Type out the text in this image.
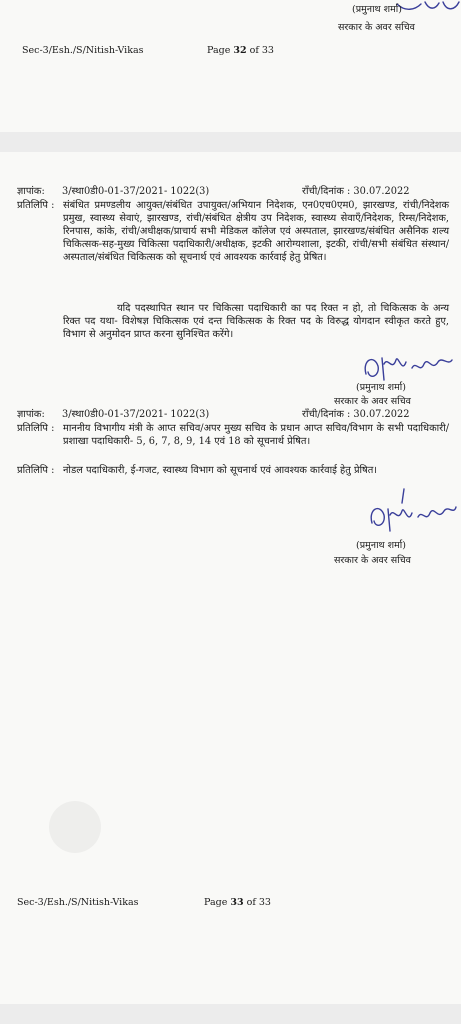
(प्रमुनाथ शर्मा)
सरकार के अवर सचिव
Sec-3/Esh./S/Nitish-Vikas	Page 32 of 33
ज्ञापांक: 3/स्था0डी0-01-37/2021- 1022(3)	राँची/दिनांक : 30.07.2022
प्रतिलिपि : संबंधित प्रमण्डलीय आयुक्त/संबंधित उपायुक्त/अभियान निदेशक, एन0एच0एम0, झारखण्ड, रांची/निदेशक प्रमुख, स्वास्थ्य सेवाएं, झारखण्ड, रांची/संबंधित क्षेत्रीय उप निदेशक, स्वास्थ्य सेवाएँ/निदेशक, रिम्स/निदेशक, रिनपास, कांके, रांची/अधीक्षक/प्राचार्य सभी मेडिकल कॉलेज एवं अस्पताल, झारखण्ड/संबंधित असैनिक शल्य चिकित्सक-सह-मुख्य चिकित्सा पदाधिकारी/अधीक्षक, इटकी आरोग्यशाला, इटकी, रांची/सभी संबंधित संस्थान/अस्पताल/संबंधित चिकित्सक को सूचनार्थ एवं आवश्यक कार्रवाई हेतु प्रेषित।
यदि पदस्थापित स्थान पर चिकित्सा पदाधिकारी का पद रिक्त न हो, तो चिकित्सक के अन्य रिक्त पद यथा- विशेषज्ञ चिकित्सक एवं दन्त चिकित्सक के रिक्त पद के विरुद्ध योगदान स्वीकृत करते हुए, विभाग से अनुमोदन प्राप्त करना सुनिश्चित करेंगे।
(प्रमुनाथ शर्मा)
सरकार के अवर सचिव
ज्ञापांक: 3/स्था0डी0-01-37/2021- 1022(3)	राँची/दिनांक : 30.07.2022
प्रतिलिपि : माननीय विभागीय मंत्री के आप्त सचिव/अपर मुख्य सचिव के प्रधान आप्त सचिव/विभाग के सभी पदाधिकारी/प्रशाखा पदाधिकारी- 5, 6, 7, 8, 9, 14 एवं 18 को सूचनार्थ प्रेषित।
प्रतिलिपि : नोडल पदाधिकारी, ई-गजट, स्वास्थ्य विभाग को सूचनार्थ एवं आवश्यक कार्रवाई हेतु प्रेषित।
(प्रमुनाथ शर्मा)
सरकार के अवर सचिव
Sec-3/Esh./S/Nitish-Vikas	Page 33 of 33
